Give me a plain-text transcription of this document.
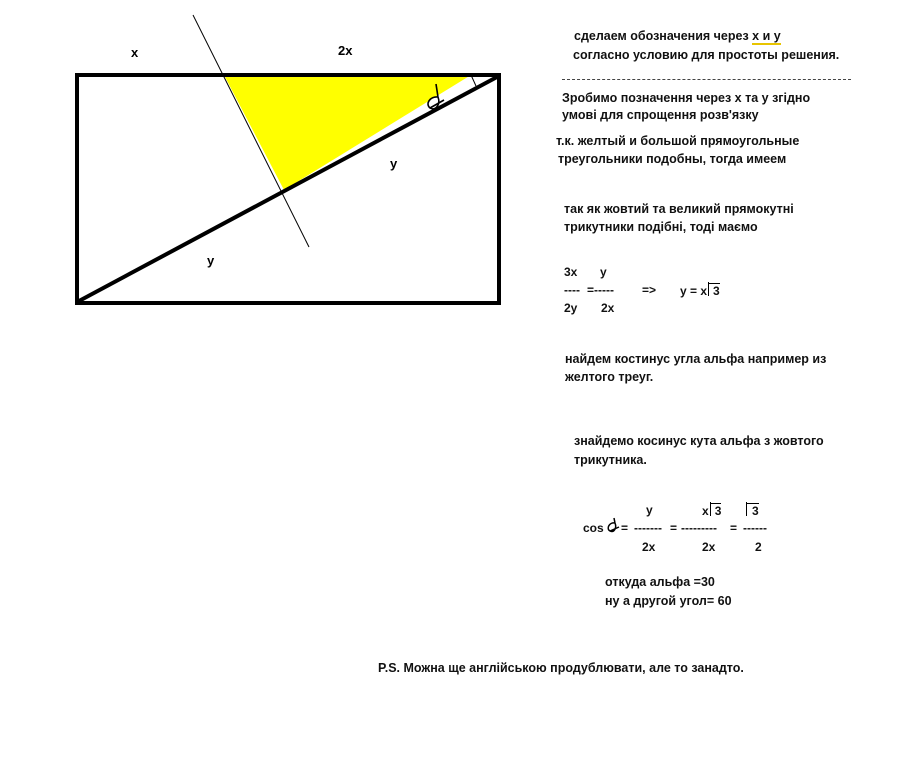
x	2x
y
y
сделаем обозначения через х и у

согласно условию для простоты решения.

Зробимо позначення через х та у згідно

умові для спрощення розв'язку

т.к. желтый и большой прямоугольные

треугольники подобны, тогда имеем

так як жовтий та великий прямокутні

трикутники подібні, тоді маємо

3х у
---- = -----
2у 2х
=> у = х 3

найдем костинус угла альфа например из

желтого треуг.

знайдемо косинус кута альфа з жовтого

трикутника.

cos =
у
-------
2х
=
х 3
---------
2х
=
3
------
2

откуда альфа =30

ну а другой угол= 60

P.S. Можна ще англійською продублювати, але то занадто.
